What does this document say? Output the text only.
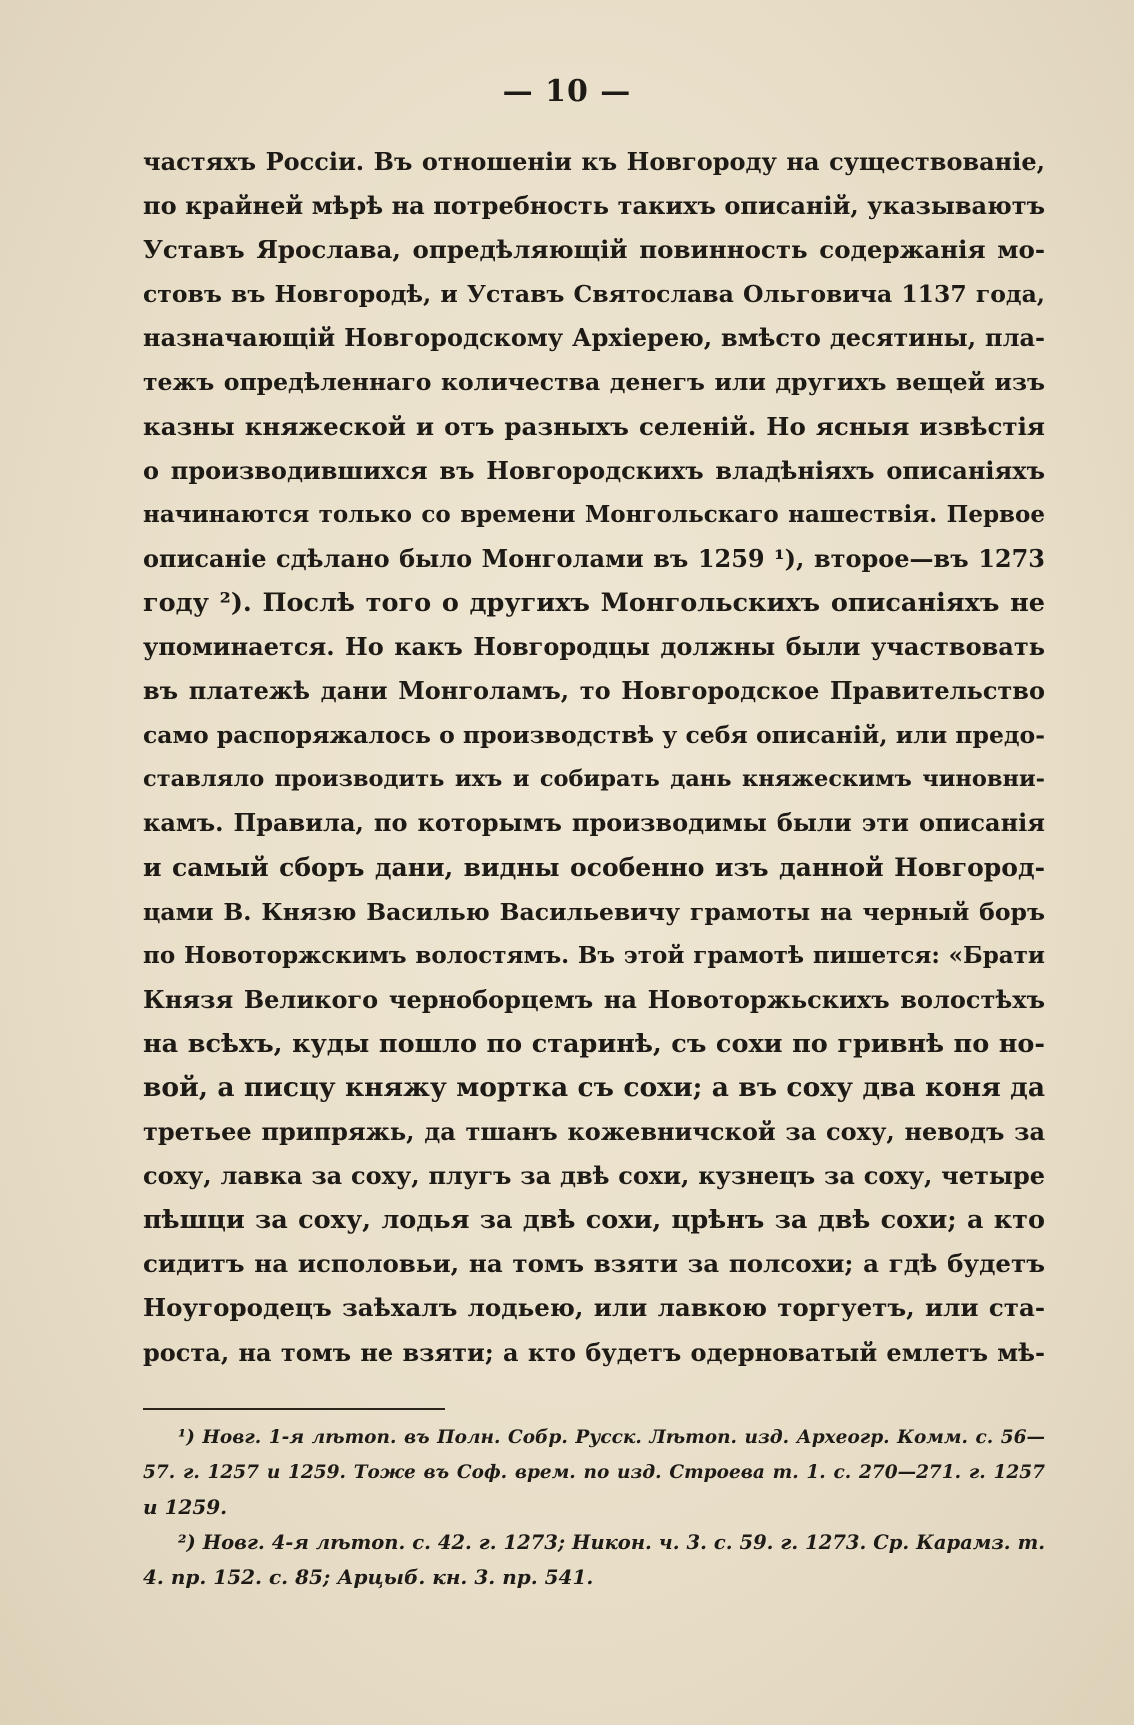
— 10 —
частяхъ Россіи. Въ отношеніи къ Новгороду на существованіе,
по крайней мѣрѣ на потребность такихъ описаній, указываютъ
Уставъ Ярослава, опредѣляющій повинность содержанія мо-
стовъ въ Новгородѣ, и Уставъ Святослава Ольговича 1137 года,
назначающій Новгородскому Архіерею, вмѣсто десятины, пла-
тежъ опредѣленнаго количества денегъ или другихъ вещей изъ
казны княжеской и отъ разныхъ селеній. Но ясныя извѣстія
о производившихся въ Новгородскихъ владѣніяхъ описаніяхъ
начинаются только со времени Монгольскаго нашествія. Первое
описаніе сдѣлано было Монголами въ 1259 ¹), второе—въ 1273
году ²). Послѣ того о другихъ Монгольскихъ описаніяхъ не
упоминается. Но какъ Новгородцы должны были участвовать
въ платежѣ дани Монголамъ, то Новгородское Правительство
само распоряжалось о производствѣ у себя описаній, или предо-
ставляло производить ихъ и собирать дань княжескимъ чиновни-
камъ. Правила, по которымъ производимы были эти описанія
и самый сборъ дани, видны особенно изъ данной Новгород-
цами В. Князю Василью Васильевичу грамоты на черный боръ
по Новоторжскимъ волостямъ. Въ этой грамотѣ пишется: «Брати
Князя Великого черноборцемъ на Новоторжьскихъ волостѣхъ
на всѣхъ, куды пошло по старинѣ, съ сохи по гривнѣ по но-
вой, а писцу княжу мортка съ сохи; а въ соху два коня да
третьее припряжь, да тшанъ кожевничской за соху, неводъ за
соху, лавка за соху, плугъ за двѣ сохи, кузнецъ за соху, четыре
пѣшци за соху, лодья за двѣ сохи, црѣнъ за двѣ сохи; а кто
сидитъ на исполовьи, на томъ взяти за полсохи; а гдѣ будетъ
Ноугородецъ заѣхалъ лодьею, или лавкою торгуетъ, или ста-
роста, на томъ не взяти; а кто будетъ одерноватый емлетъ мѣ-
¹) Новг. 1-я лѣтоп. въ Полн. Собр. Русск. Лѣтоп. изд. Археогр. Комм. с. 56—
57. г. 1257 и 1259. Тоже въ Соф. врем. по изд. Строева т. 1. с. 270—271. г. 1257
и 1259.
²) Новг. 4-я лѣтоп. с. 42. г. 1273; Никон. ч. 3. с. 59. г. 1273. Ср. Карамз. т.
4. пр. 152. с. 85; Арцыб. кн. 3. пр. 541.
